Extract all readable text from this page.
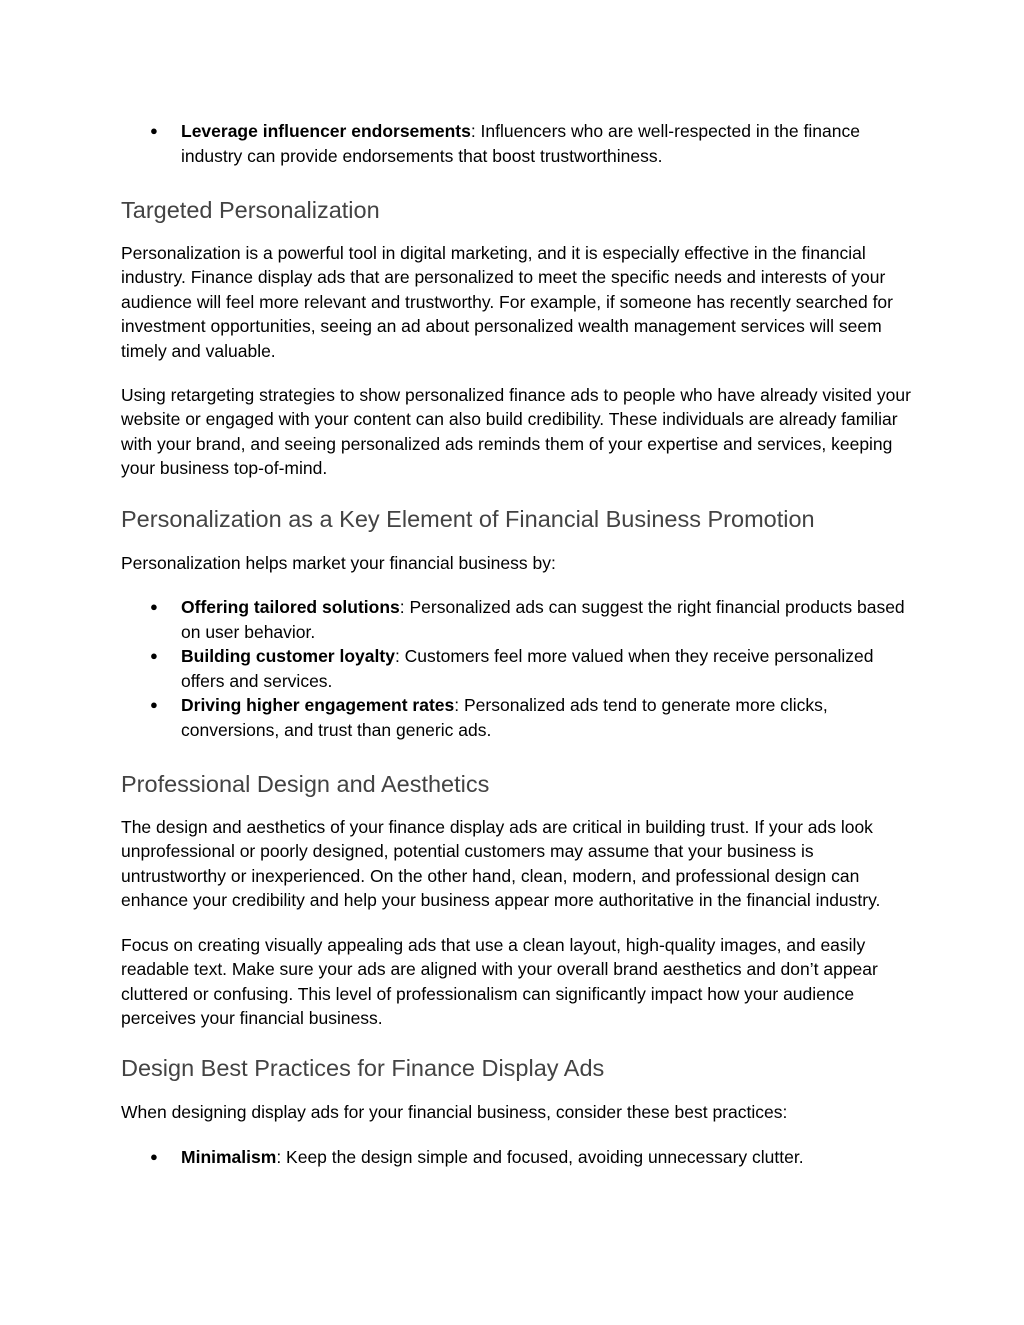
● Leverage influencer endorsements: Influencers who are well-respected in the finance industry can provide endorsements that boost trustworthiness.
Targeted Personalization

Personalization is a powerful tool in digital marketing, and it is especially effective in the financial industry. Finance display ads that are personalized to meet the specific needs and interests of your audience will feel more relevant and trustworthy. For example, if someone has recently searched for investment opportunities, seeing an ad about personalized wealth management services will seem timely and valuable.

Using retargeting strategies to show personalized finance ads to people who have already visited your website or engaged with your content can also build credibility. These individuals are already familiar with your brand, and seeing personalized ads reminds them of your expertise and services, keeping your business top-of-mind.

Personalization as a Key Element of Financial Business Promotion

Personalization helps market your financial business by:

● Offering tailored solutions: Personalized ads can suggest the right financial products based on user behavior.
● Building customer loyalty: Customers feel more valued when they receive personalized offers and services.
● Driving higher engagement rates: Personalized ads tend to generate more clicks, conversions, and trust than generic ads.
Professional Design and Aesthetics

The design and aesthetics of your finance display ads are critical in building trust. If your ads look unprofessional or poorly designed, potential customers may assume that your business is untrustworthy or inexperienced. On the other hand, clean, modern, and professional design can enhance your credibility and help your business appear more authoritative in the financial industry.

Focus on creating visually appealing ads that use a clean layout, high-quality images, and easily readable text. Make sure your ads are aligned with your overall brand aesthetics and don’t appear cluttered or confusing. This level of professionalism can significantly impact how your audience perceives your financial business.

Design Best Practices for Finance Display Ads

When designing display ads for your financial business, consider these best practices:

● Minimalism: Keep the design simple and focused, avoiding unnecessary clutter.
